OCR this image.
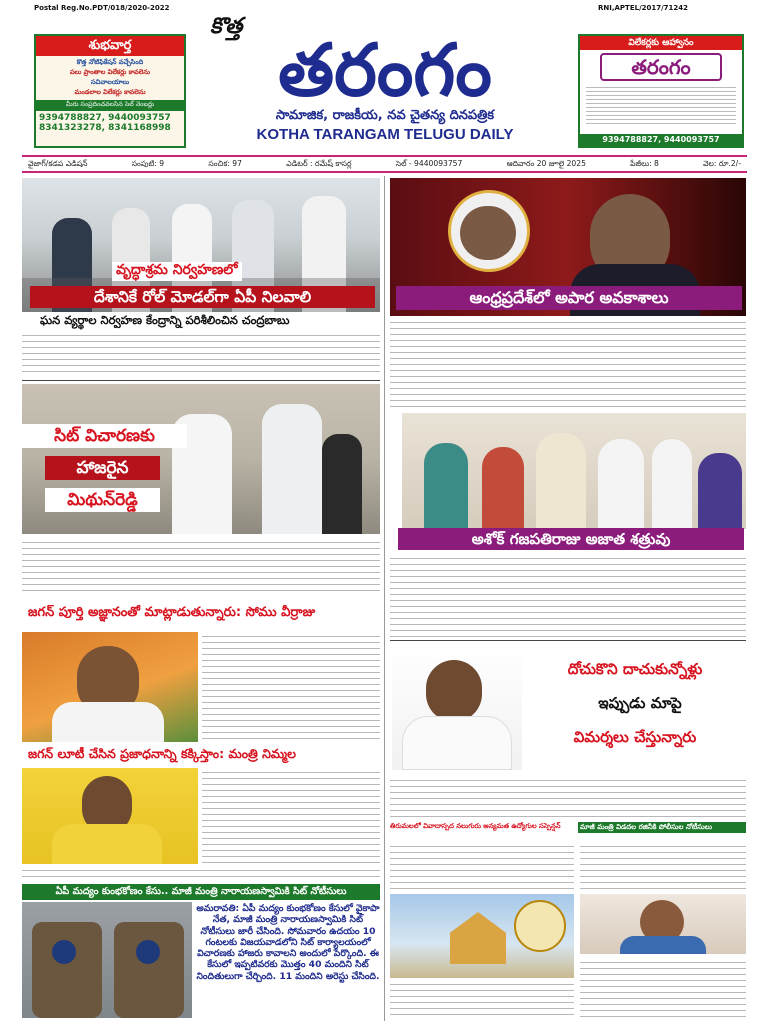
Postal Reg.No.PDT/018/2020-2022	RNI,APTEL/2017/71242
శుభవార్త
కొత్త నోటిఫికేషన్ వచ్చేసింది
పలు ప్రాంతాల విలేకర్లు కావలెను
సచివాలయాలు
మండలాల విలేకర్లు కావలెను
మీరు సంప్రదించవలసిన సెల్ నెంబర్లు
9394788827, 9440093757
8341323278, 8341168998
కొత్త
తరంగం
సామాజిక, రాజకీయ, నవ చైతన్య దినపత్రిక
KOTHA TARANGAM TELUGU DAILY
విలేకర్లకు ఆహ్వానం
తరంగం
9394788827, 9440093757
వైజాగ్/కడప ఎడిషన్	సంపుటి: 9	సంచిక: 97	ఎడిటర్ : రమేష్ కాసర్ల	సెల్ - 9440093757	ఆదివారం 20 జూలై 2025	పేజీలు: 8	వెల: రూ.2/-
వృద్ధాశ్రమ నిర్వహణలో
దేశానికే రోల్ మోడల్‌గా ఏపీ నిలవాలి
ఘన వ్యర్థాల నిర్వహణ కేంద్రాన్ని పరిశీలించిన చంద్రబాబు
సిట్ విచారణకు
హాజరైన
మిథున్‌రెడ్డి
జగన్ పూర్తి అజ్ఞానంతో మాట్లాడుతున్నారు: సోము వీర్రాజు
జగన్ లూటీ చేసిన ప్రజాధనాన్ని కక్కిస్తాం: మంత్రి నిమ్మల
ఏపీ మద్యం కుంభకోణం కేసు.. మాజీ మంత్రి నారాయణస్వామికి సిట్ నోటీసులు
అమరావతి: ఏపీ మద్యం కుంభకోణం కేసులో వైకాపా నేత, మాజీ మంత్రి నారాయణస్వామికి సిట్ నోటీసులు జారీ చేసింది. సోమవారం ఉదయం 10 గంటలకు విజయవాడలోని సిట్ కార్యాలయంలో విచారణకు హాజరు కావాలని అందులో పేర్కొంది. ఈ కేసులో ఇప్పటివరకు మొత్తం 40 మందిని సిట్ నిందితులుగా చేర్చింది. 11 మందిని అరెస్టు చేసింది.
ఆంధ్రప్రదేశ్‌లో అపార అవకాశాలు
అశోక్ గజపతిరాజు అజాత శత్రువు
దోచుకొని దాచుకున్నోళ్లు
ఇప్పుడు మాపై
విమర్శలు చేస్తున్నారు
తిరుమలలో వివాదాస్పద నలుగురు అన్యమత ఉద్యోగుల సస్పెన్షన్	మాజీ మంత్రి విడదల రజినీకి పోలీసుల నోటీసులు
